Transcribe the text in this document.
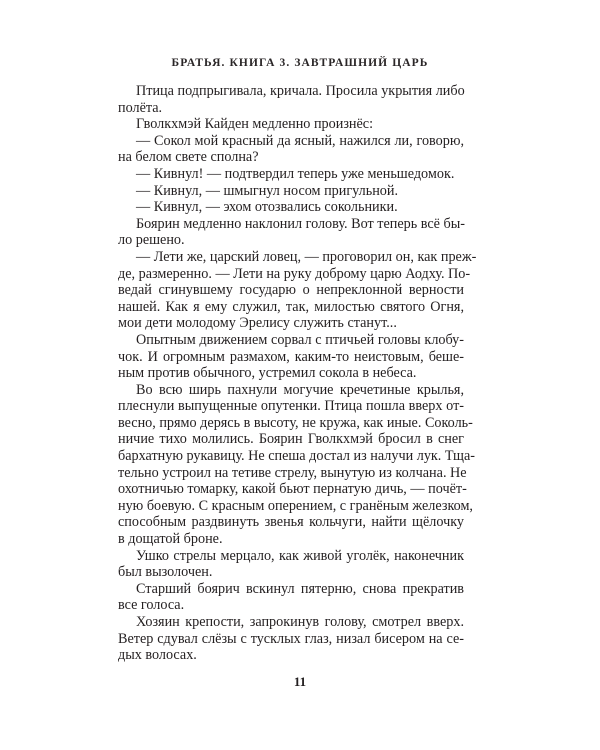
БРАТЬЯ. КНИГА 3. ЗАВТРАШНИЙ ЦАРЬ
Птица подпрыгивала, кричала. Просила укрытия либо
полёта.
Гволкхмэй Кайден медленно произнёс:
— Сокол мой красный да ясный, нажился ли, говорю,
на белом свете сполна?
— Кивнул! — подтвердил теперь уже меньшедомок.
— Кивнул, — шмыгнул носом пригульной.
— Кивнул, — эхом отозвались сокольники.
Боярин медленно наклонил голову. Вот теперь всё бы-
ло решено.
— Лети же, царский ловец, — проговорил он, как преж-
де, размеренно. — Лети на руку доброму царю Аодху. По-
ведай сгинувшему государю о непреклонной верности
нашей. Как я ему служил, так, милостью святого Огня,
мои дети молодому Эрелису служить станут...
Опытным движением сорвал с птичьей головы клобу-
чок. И огромным размахом, каким-то неистовым, беше-
ным против обычного, устремил сокола в небеса.
Во всю ширь пахнули могучие кречетиные крылья,
плеснули выпущенные опутенки. Птица пошла вверх от-
весно, прямо дерясь в высоту, не кружа, как иные. Соколь-
ничие тихо молились. Боярин Гволкхмэй бросил в снег
бархатную рукавицу. Не спеша достал из налучи лук. Тща-
тельно устроил на тетиве стрелу, вынутую из колчана. Не
охотничью томарку, какой бьют пернатую дичь, — почёт-
ную боевую. С красным оперением, с гранёным железком,
способным раздвинуть звенья кольчуги, найти щёлочку
в дощатой броне.
Ушко стрелы мерцало, как живой уголёк, наконечник
был вызолочен.
Старший боярич вскинул пятерню, снова прекратив
все голоса.
Хозяин крепости, запрокинув голову, смотрел вверх.
Ветер сдувал слёзы с тусклых глаз, низал бисером на се-
дых волосах.
11
